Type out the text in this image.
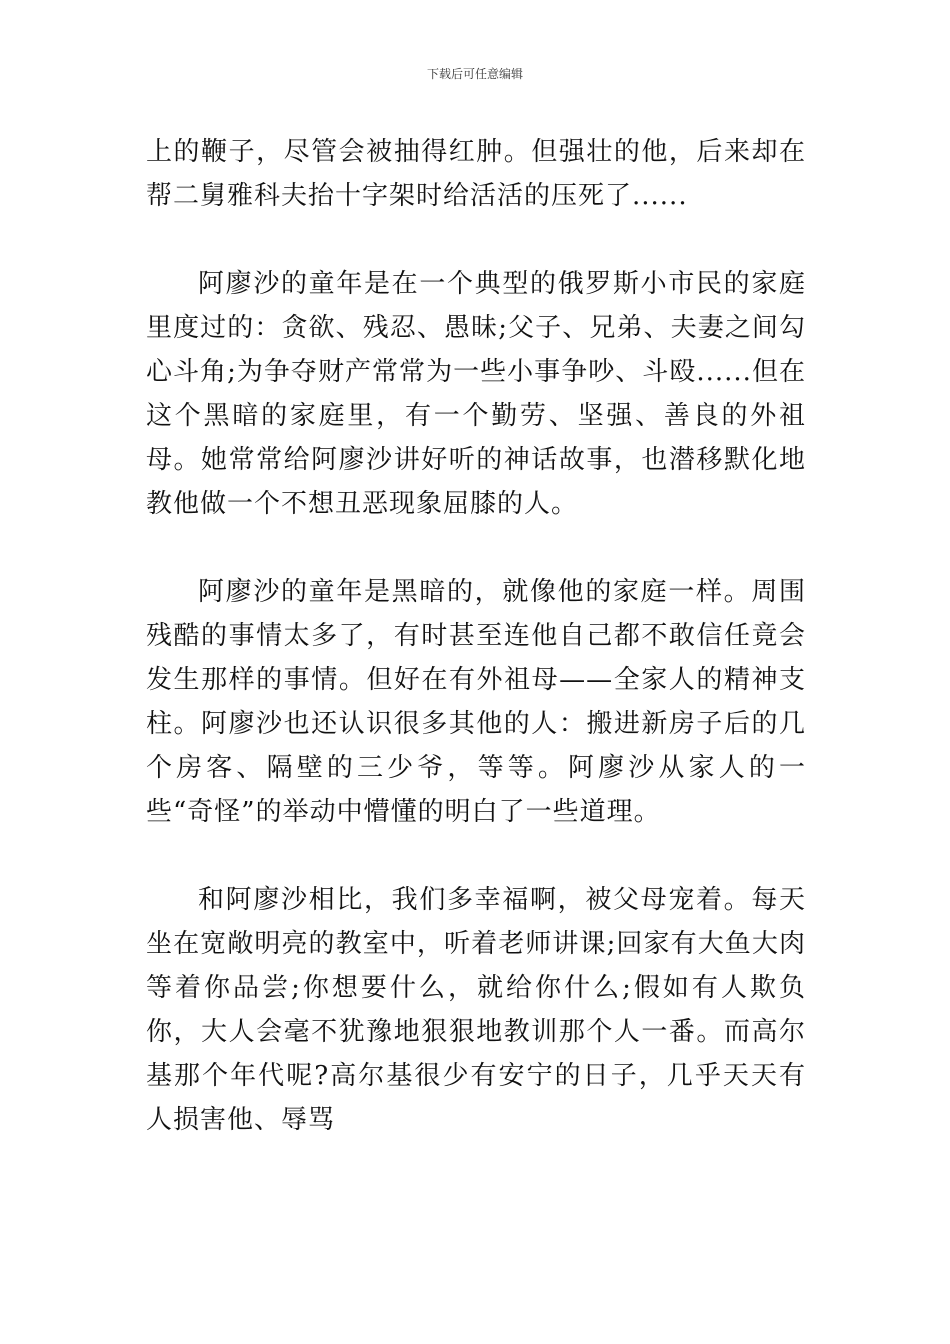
下载后可任意编辑

上的鞭子，尽管会被抽得红肿。但强壮的他，后来却在帮二舅雅科夫抬十字架时给活活的压死了......

阿廖沙的童年是在一个典型的俄罗斯小市民的家庭里度过的：贪欲、残忍、愚昧;父子、兄弟、夫妻之间勾心斗角;为争夺财产常常为一些小事争吵、斗殴......但在这个黑暗的家庭里，有一个勤劳、坚强、善良的外祖母。她常常给阿廖沙讲好听的神话故事，也潜移默化地教他做一个不想丑恶现象屈膝的人。

阿廖沙的童年是黑暗的，就像他的家庭一样。周围残酷的事情太多了，有时甚至连他自己都不敢信任竟会发生那样的事情。但好在有外祖母——全家人的精神支柱。阿廖沙也还认识很多其他的人：搬进新房子后的几个房客、隔壁的三少爷，等等。阿廖沙从家人的一些“奇怪”的举动中懵懂的明白了一些道理。

和阿廖沙相比，我们多幸福啊，被父母宠着。每天坐在宽敞明亮的教室中，听着老师讲课;回家有大鱼大肉等着你品尝;你想要什么，就给你什么;假如有人欺负你，大人会毫不犹豫地狠狠地教训那个人一番。而高尔基那个年代呢?高尔基很少有安宁的日子，几乎天天有人损害他、辱骂
